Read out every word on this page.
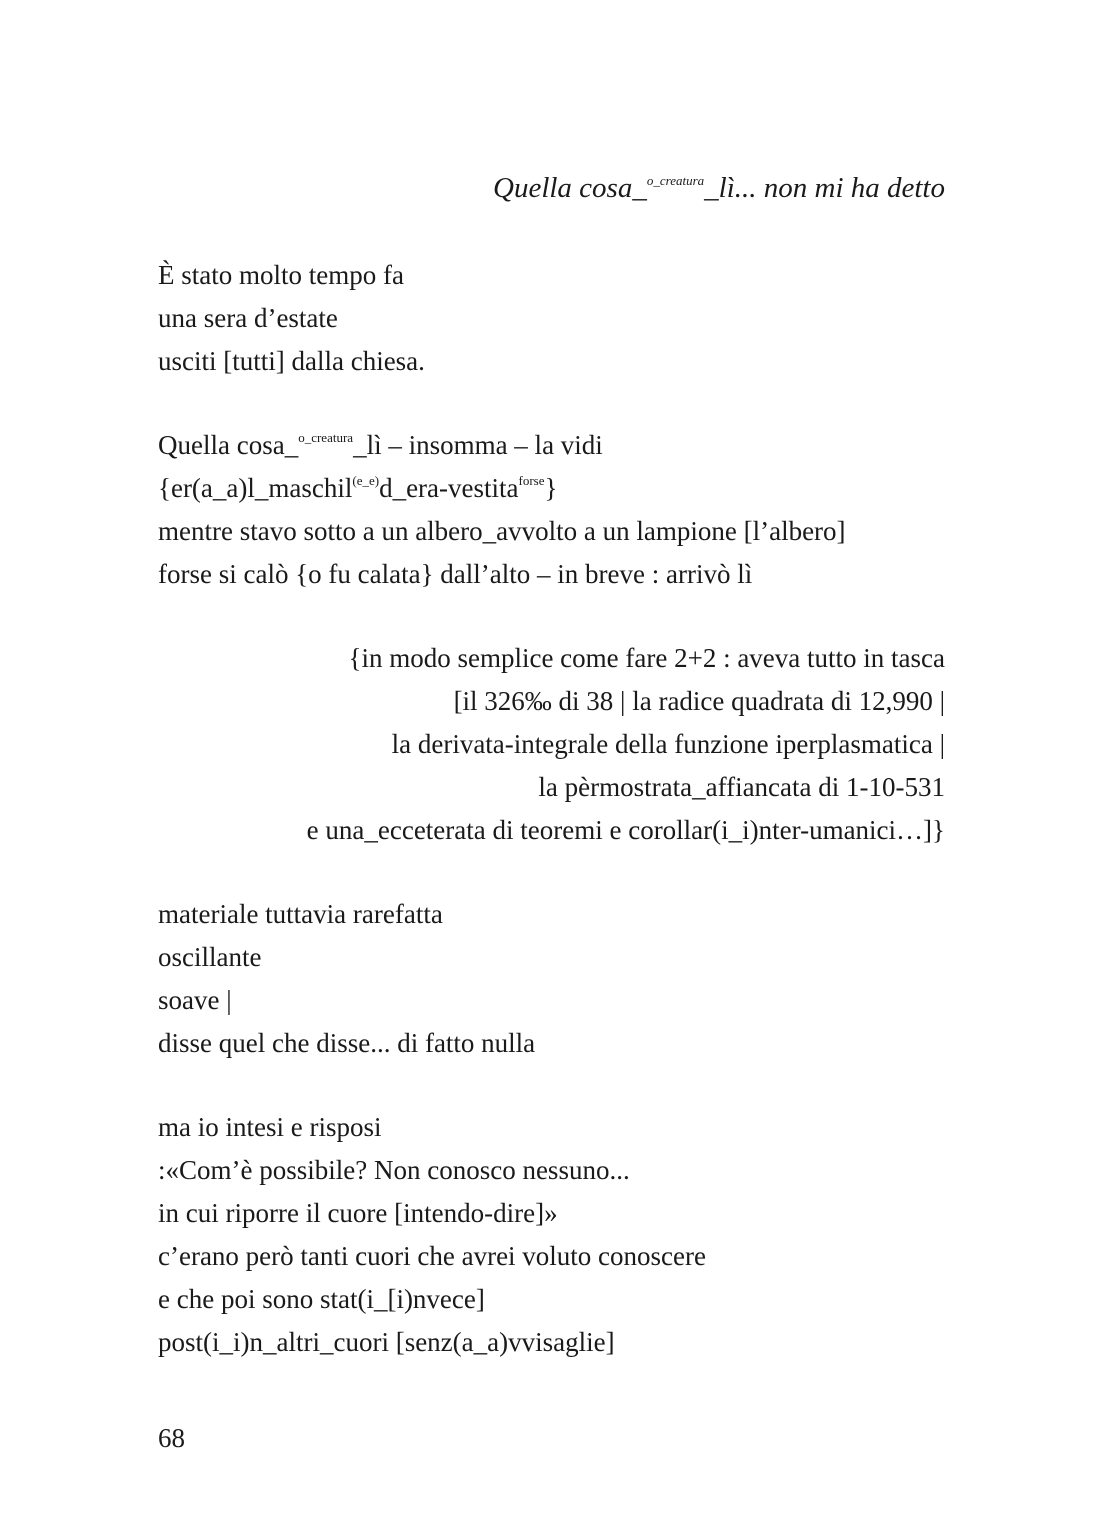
Quella cosa_$^{o\_creatura}$_lì... non mi ha detto
È stato molto tempo fa
una sera d’estate
usciti [tutti] dalla chiesa.
Quella cosa_$^{o\_creatura}$_lì – insomma – la vidi
{er(a_a)l_maschil$^{(e\_e)}$d_era-vestita$^{forse}$}
mentre stavo sotto a un albero_avvolto a un lampione [l’albero]
forse si calò {o fu calata} dall’alto – in breve : arrivò lì
{in modo semplice come fare 2+2 : aveva tutto in tasca
[il 326‰ di 38 | la radice quadrata di 12,990 |
la derivata-integrale della funzione iperplasmatica |
la pèrmostrata_affiancata di 1-10-531
e una_ecceterata di teoremi e corollar(i_i)nter-umanici…]}
materiale tuttavia rarefatta
oscillante
soave |
disse quel che disse... di fatto nulla
ma io intesi e risposi
:«Com’è possibile? Non conosco nessuno...
in cui riporre il cuore [intendo-dire]»
c’erano però tanti cuori che avrei voluto conoscere
e che poi sono stat(i_[i)nvece]
post(i_i)n_altri_cuori [senz(a_a)vvisaglie]
68
